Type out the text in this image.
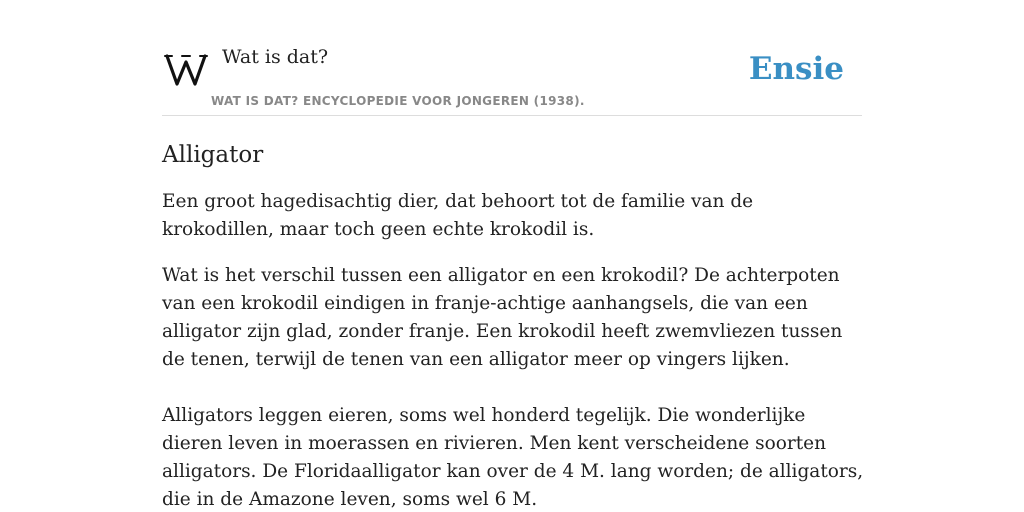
Wat is dat?
WAT IS DAT? ENCYCLOPEDIE VOOR JONGEREN (1938).
Ensie
Alligator

Een groot hagedisachtig dier, dat behoort tot de familie van de krokodillen, maar toch geen echte krokodil is.

Wat is het verschil tussen een alligator en een krokodil? De achterpoten van een krokodil eindigen in franje-achtige aanhangsels, die van een alligator zijn glad, zonder franje. Een krokodil heeft zwemvliezen tussen de tenen, terwijl de tenen van een alligator meer op vingers lijken.

Alligators leggen eieren, soms wel honderd tegelijk. Die wonderlijke dieren leven in moerassen en rivieren. Men kent verscheidene soorten alligators. De Floridaalligator kan over de 4 M. lang worden; de alligators, die in de Amazone leven, soms wel 6 M.
